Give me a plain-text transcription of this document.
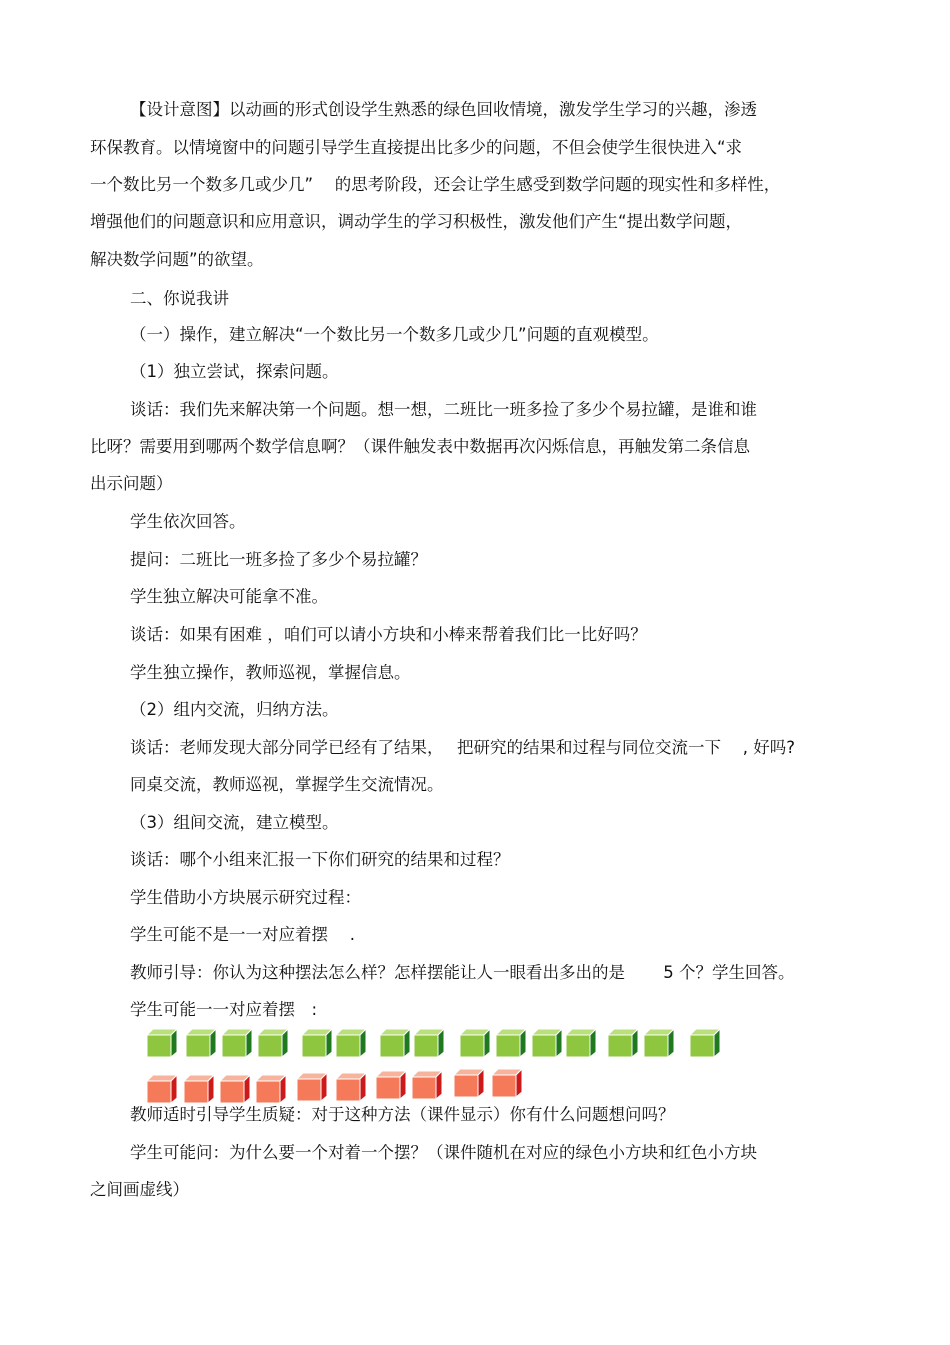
【设计意图】以动画的形式创设学生熟悉的绿色回收情境，激发学生学习的兴趣，渗透
环保教育。以情境窗中的问题引导学生直接提出比多少的问题，不但会使学生很快进入“求
一个数比另一个数多几或少几”　 的思考阶段，还会让学生感受到数学问题的现实性和多样性，
增强他们的问题意识和应用意识，调动学生的学习积极性，激发他们产生“提出数学问题，
解决数学问题”的欲望。
二、你说我讲
（一）操作，建立解决“一个数比另一个数多几或少几”问题的直观模型。
（1）独立尝试，探索问题。
谈话：我们先来解决第一个问题。想一想，二班比一班多捡了多少个易拉罐，是谁和谁
比呀？需要用到哪两个数学信息啊？（课件触发表中数据再次闪烁信息，再触发第二条信息
出示问题）
学生依次回答。
提问：二班比一班多捡了多少个易拉罐？
学生独立解决可能拿不准。
谈话：如果有困难 ，咱们可以请小方块和小棒来帮着我们比一比好吗？
学生独立操作，教师巡视，掌握信息。
（2）组内交流，归纳方法。
谈话：老师发现大部分同学已经有了结果，　 把研究的结果和过程与同位交流一下　 , 好吗?
同桌交流，教师巡视，掌握学生交流情况。
（3）组间交流，建立模型。
谈话：哪个小组来汇报一下你们研究的结果和过程？
学生借助小方块展示研究过程：
学生可能不是一一对应着摆　 .
教师引导：你认为这种摆法怎么样？怎样摆能让人一眼看出多出的是　　 5 个？学生回答。
学生可能一一对应着摆　:
教师适时引导学生质疑：对于这种方法（课件显示）你有什么问题想问吗？
学生可能问：为什么要一个对着一个摆？（课件随机在对应的绿色小方块和红色小方块
之间画虚线）
